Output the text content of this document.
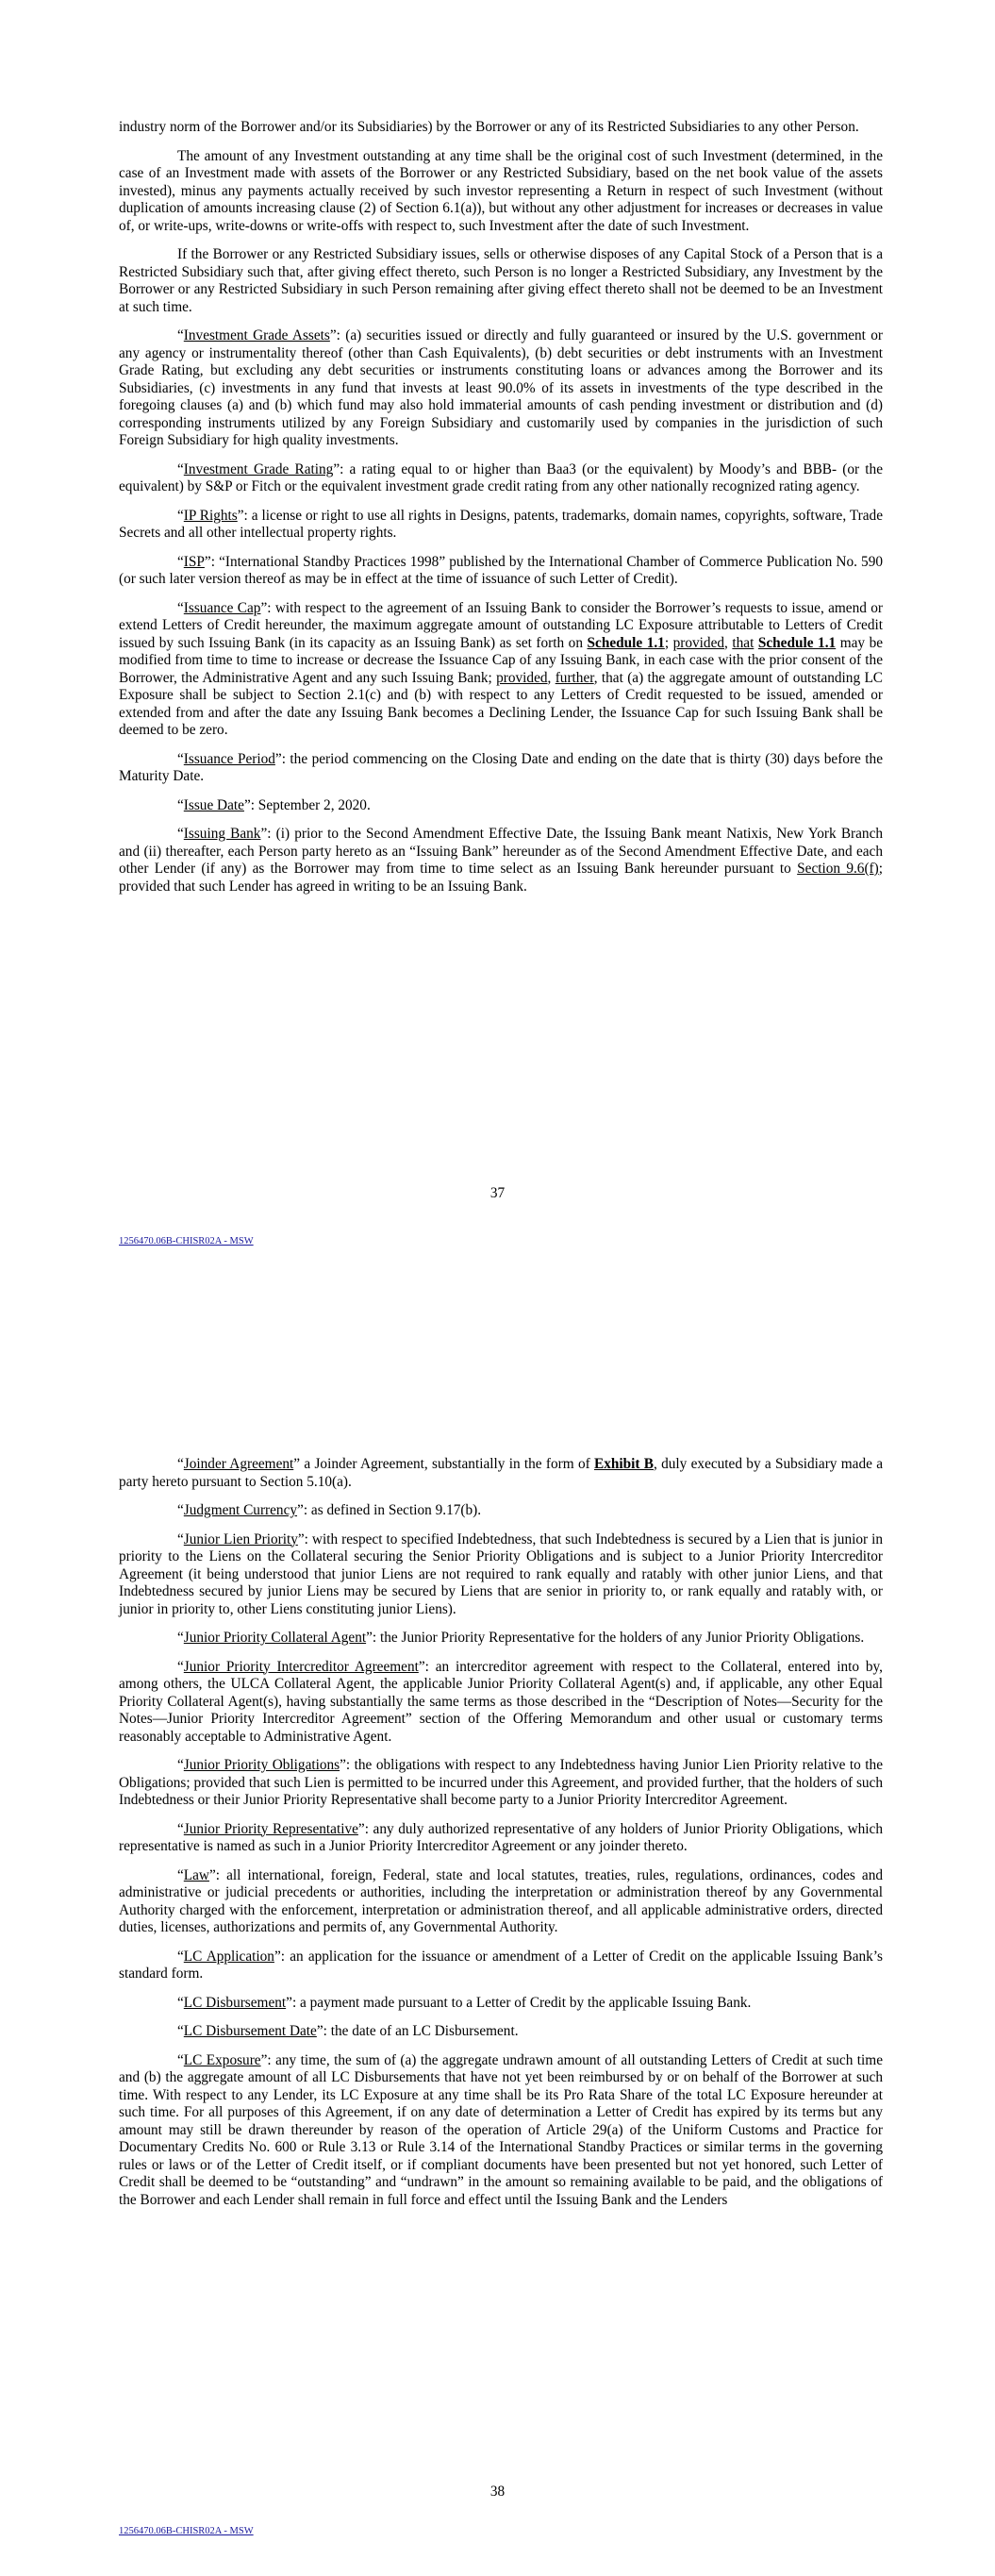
industry norm of the Borrower and/or its Subsidiaries) by the Borrower or any of its Restricted Subsidiaries to any other Person.

The amount of any Investment outstanding at any time shall be the original cost of such Investment (determined, in the case of an Investment made with assets of the Borrower or any Restricted Subsidiary, based on the net book value of the assets invested), minus any payments actually received by such investor representing a Return in respect of such Investment (without duplication of amounts increasing clause (2) of Section 6.1(a)), but without any other adjustment for increases or decreases in value of, or write-ups, write-downs or write-offs with respect to, such Investment after the date of such Investment.

If the Borrower or any Restricted Subsidiary issues, sells or otherwise disposes of any Capital Stock of a Person that is a Restricted Subsidiary such that, after giving effect thereto, such Person is no longer a Restricted Subsidiary, any Investment by the Borrower or any Restricted Subsidiary in such Person remaining after giving effect thereto shall not be deemed to be an Investment at such time.

“Investment Grade Assets”: (a) securities issued or directly and fully guaranteed or insured by the U.S. government or any agency or instrumentality thereof (other than Cash Equivalents), (b) debt securities or debt instruments with an Investment Grade Rating, but excluding any debt securities or instruments constituting loans or advances among the Borrower and its Subsidiaries, (c) investments in any fund that invests at least 90.0% of its assets in investments of the type described in the foregoing clauses (a) and (b) which fund may also hold immaterial amounts of cash pending investment or distribution and (d) corresponding instruments utilized by any Foreign Subsidiary and customarily used by companies in the jurisdiction of such Foreign Subsidiary for high quality investments.

“Investment Grade Rating”: a rating equal to or higher than Baa3 (or the equivalent) by Moody’s and BBB- (or the equivalent) by S&P or Fitch or the equivalent investment grade credit rating from any other nationally recognized rating agency.

“IP Rights”: a license or right to use all rights in Designs, patents, trademarks, domain names, copyrights, software, Trade Secrets and all other intellectual property rights.

“ISP”: “International Standby Practices 1998” published by the International Chamber of Commerce Publication No. 590 (or such later version thereof as may be in effect at the time of issuance of such Letter of Credit).

“Issuance Cap”: with respect to the agreement of an Issuing Bank to consider the Borrower’s requests to issue, amend or extend Letters of Credit hereunder, the maximum aggregate amount of outstanding LC Exposure attributable to Letters of Credit issued by such Issuing Bank (in its capacity as an Issuing Bank) as set forth on Schedule 1.1; provided, that Schedule 1.1 may be modified from time to time to increase or decrease the Issuance Cap of any Issuing Bank, in each case with the prior consent of the Borrower, the Administrative Agent and any such Issuing Bank; provided, further, that (a) the aggregate amount of outstanding LC Exposure shall be subject to Section 2.1(c) and (b) with respect to any Letters of Credit requested to be issued, amended or extended from and after the date any Issuing Bank becomes a Declining Lender, the Issuance Cap for such Issuing Bank shall be deemed to be zero.

“Issuance Period”: the period commencing on the Closing Date and ending on the date that is thirty (30) days before the Maturity Date.

“Issue Date”: September 2, 2020.

“Issuing Bank”: (i) prior to the Second Amendment Effective Date, the Issuing Bank meant Natixis, New York Branch and (ii) thereafter, each Person party hereto as an “Issuing Bank” hereunder as of the Second Amendment Effective Date, and each other Lender (if any) as the Borrower may from time to time select as an Issuing Bank hereunder pursuant to Section 9.6(f); provided that such Lender has agreed in writing to be an Issuing Bank.

37
1256470.06B-CHISR02A - MSW

“Joinder Agreement” a Joinder Agreement, substantially in the form of Exhibit B, duly executed by a Subsidiary made a party hereto pursuant to Section 5.10(a).

“Judgment Currency”: as defined in Section 9.17(b).

“Junior Lien Priority”: with respect to specified Indebtedness, that such Indebtedness is secured by a Lien that is junior in priority to the Liens on the Collateral securing the Senior Priority Obligations and is subject to a Junior Priority Intercreditor Agreement (it being understood that junior Liens are not required to rank equally and ratably with other junior Liens, and that Indebtedness secured by junior Liens may be secured by Liens that are senior in priority to, or rank equally and ratably with, or junior in priority to, other Liens constituting junior Liens).

“Junior Priority Collateral Agent”: the Junior Priority Representative for the holders of any Junior Priority Obligations.

“Junior Priority Intercreditor Agreement”: an intercreditor agreement with respect to the Collateral, entered into by, among others, the ULCA Collateral Agent, the applicable Junior Priority Collateral Agent(s) and, if applicable, any other Equal Priority Collateral Agent(s), having substantially the same terms as those described in the “Description of Notes—Security for the Notes—Junior Priority Intercreditor Agreement” section of the Offering Memorandum and other usual or customary terms reasonably acceptable to Administrative Agent.

“Junior Priority Obligations”: the obligations with respect to any Indebtedness having Junior Lien Priority relative to the Obligations; provided that such Lien is permitted to be incurred under this Agreement, and provided further, that the holders of such Indebtedness or their Junior Priority Representative shall become party to a Junior Priority Intercreditor Agreement.

“Junior Priority Representative”: any duly authorized representative of any holders of Junior Priority Obligations, which representative is named as such in a Junior Priority Intercreditor Agreement or any joinder thereto.

“Law”: all international, foreign, Federal, state and local statutes, treaties, rules, regulations, ordinances, codes and administrative or judicial precedents or authorities, including the interpretation or administration thereof by any Governmental Authority charged with the enforcement, interpretation or administration thereof, and all applicable administrative orders, directed duties, licenses, authorizations and permits of, any Governmental Authority.

“LC Application”: an application for the issuance or amendment of a Letter of Credit on the applicable Issuing Bank’s standard form.

“LC Disbursement”: a payment made pursuant to a Letter of Credit by the applicable Issuing Bank.

“LC Disbursement Date”: the date of an LC Disbursement.

“LC Exposure”: any time, the sum of (a) the aggregate undrawn amount of all outstanding Letters of Credit at such time and (b) the aggregate amount of all LC Disbursements that have not yet been reimbursed by or on behalf of the Borrower at such time. With respect to any Lender, its LC Exposure at any time shall be its Pro Rata Share of the total LC Exposure hereunder at such time. For all purposes of this Agreement, if on any date of determination a Letter of Credit has expired by its terms but any amount may still be drawn thereunder by reason of the operation of Article 29(a) of the Uniform Customs and Practice for Documentary Credits No. 600 or Rule 3.13 or Rule 3.14 of the International Standby Practices or similar terms in the governing rules or laws or of the Letter of Credit itself, or if compliant documents have been presented but not yet honored, such Letter of Credit shall be deemed to be “outstanding” and “undrawn” in the amount so remaining available to be paid, and the obligations of the Borrower and each Lender shall remain in full force and effect until the Issuing Bank and the Lenders

38
1256470.06B-CHISR02A - MSW
